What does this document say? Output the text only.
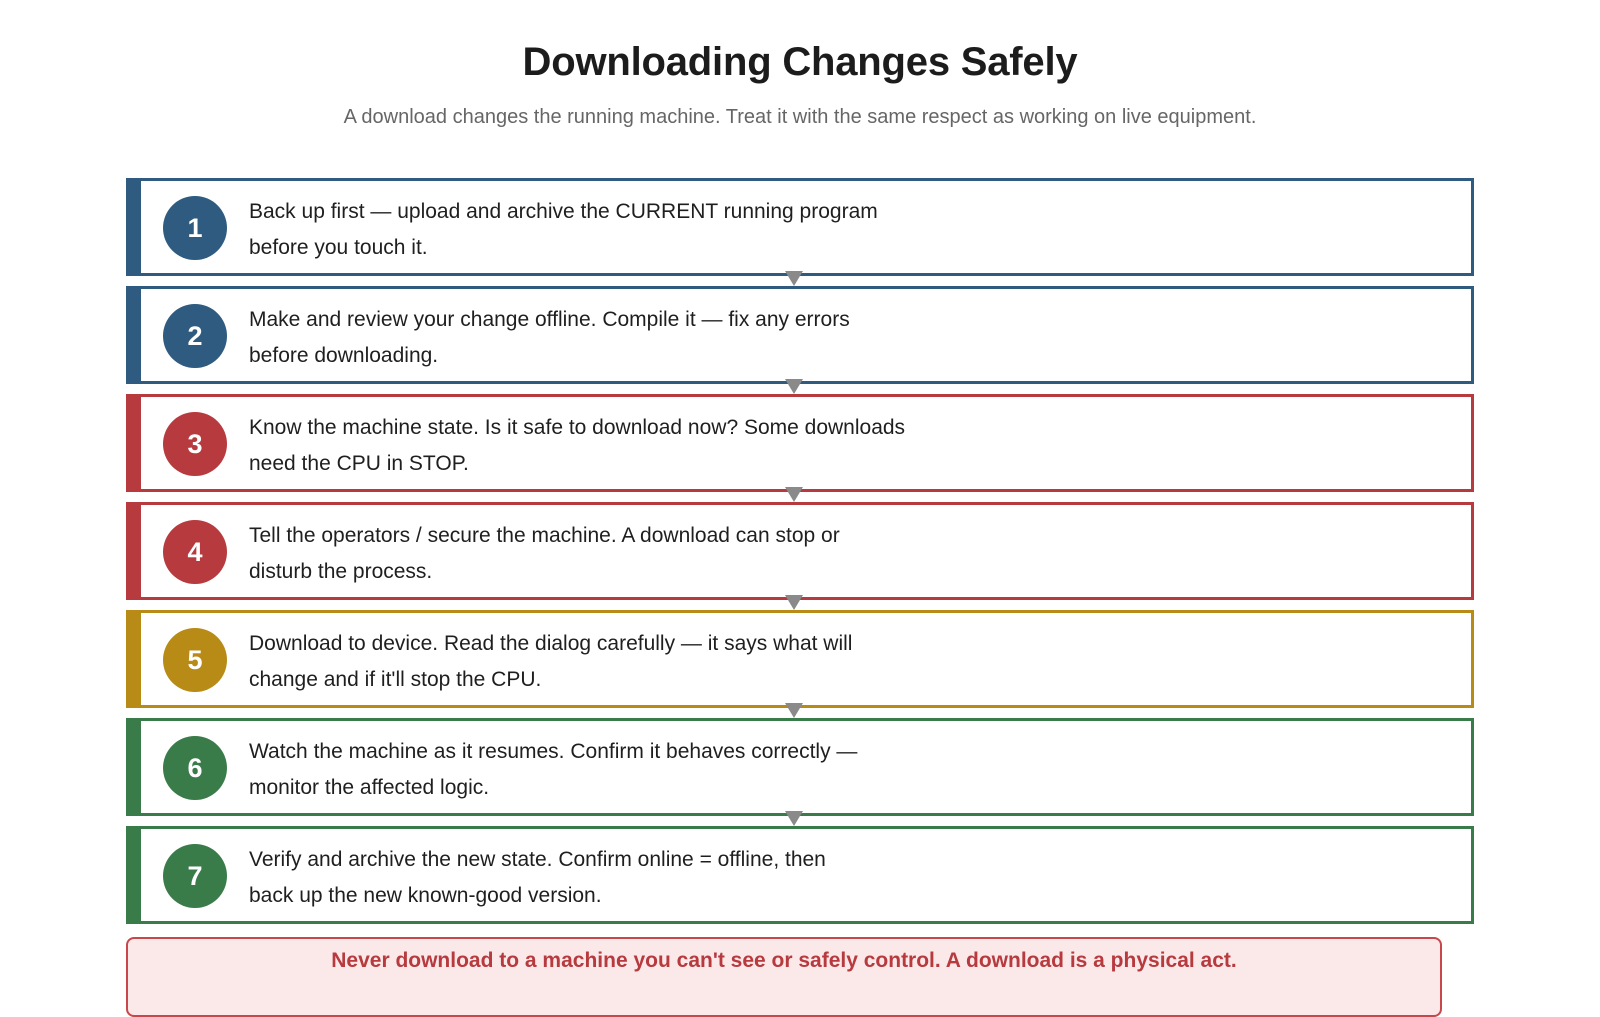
Downloading Changes Safely

A download changes the running machine. Treat it with the same respect as working on live equipment.

1
Back up first — upload and archive the CURRENT running program
before you touch it.
2
Make and review your change offline. Compile it — fix any errors
before downloading.
3
Know the machine state. Is it safe to download now? Some downloads
need the CPU in STOP.
4
Tell the operators / secure the machine. A download can stop or
disturb the process.
5
Download to device. Read the dialog carefully — it says what will
change and if it'll stop the CPU.
6
Watch the machine as it resumes. Confirm it behaves correctly —
monitor the affected logic.
7
Verify and archive the new state. Confirm online = offline, then
back up the new known-good version.
Never download to a machine you can't see or safely control. A download is a physical act.
